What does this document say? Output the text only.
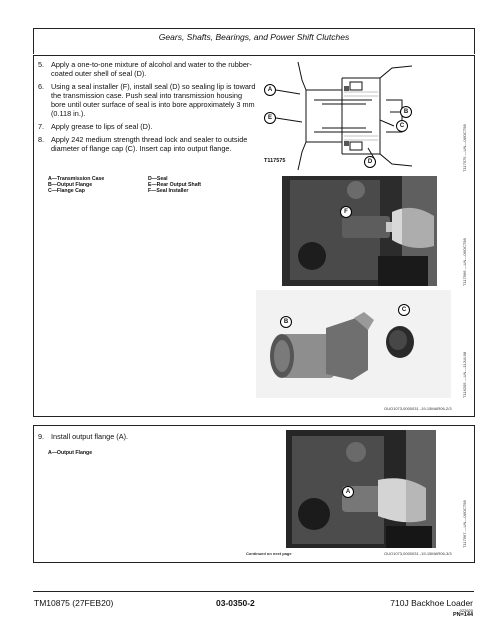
Gears, Shafts, Bearings, and Power Shift Clutches
5. Apply a one-to-one mixture of alcohol and water to the rubber-coated outer shell of seal (D).
6. Using a seal installer (F), install seal (D) so sealing lip is toward the transmission case. Push seal into transmission housing bore until outer surface of seal is into bore approximately 3 mm (0.118 in.).
7. Apply grease to lips of seal (D).
8. Apply 242 medium strength thread lock and sealer to outside diameter of flange cap (C). Insert cap into output flange.
A—Transmission Case	D—Seal
B—Output Flange	E—Rear Output Shaft
C—Flange Cap	F—Seal Installer
A
E
B
C
D
T117575	T117575 —UN—06OCT98
F
T117566 —UN—06OCT98
B
C
T116205 —UN—11JUL98
OUO1073,0000031 -19-15MAR06-2/3
9. Install output flange (A).
A—Output Flange
A
T117567 —UN—06OCT98
Continued on next page	OUO1073,0000031 -19-15MAR06-3/3
TM10875 (27FEB20)	03-0350-2	710J Backhoe Loader
022620
PN=144
